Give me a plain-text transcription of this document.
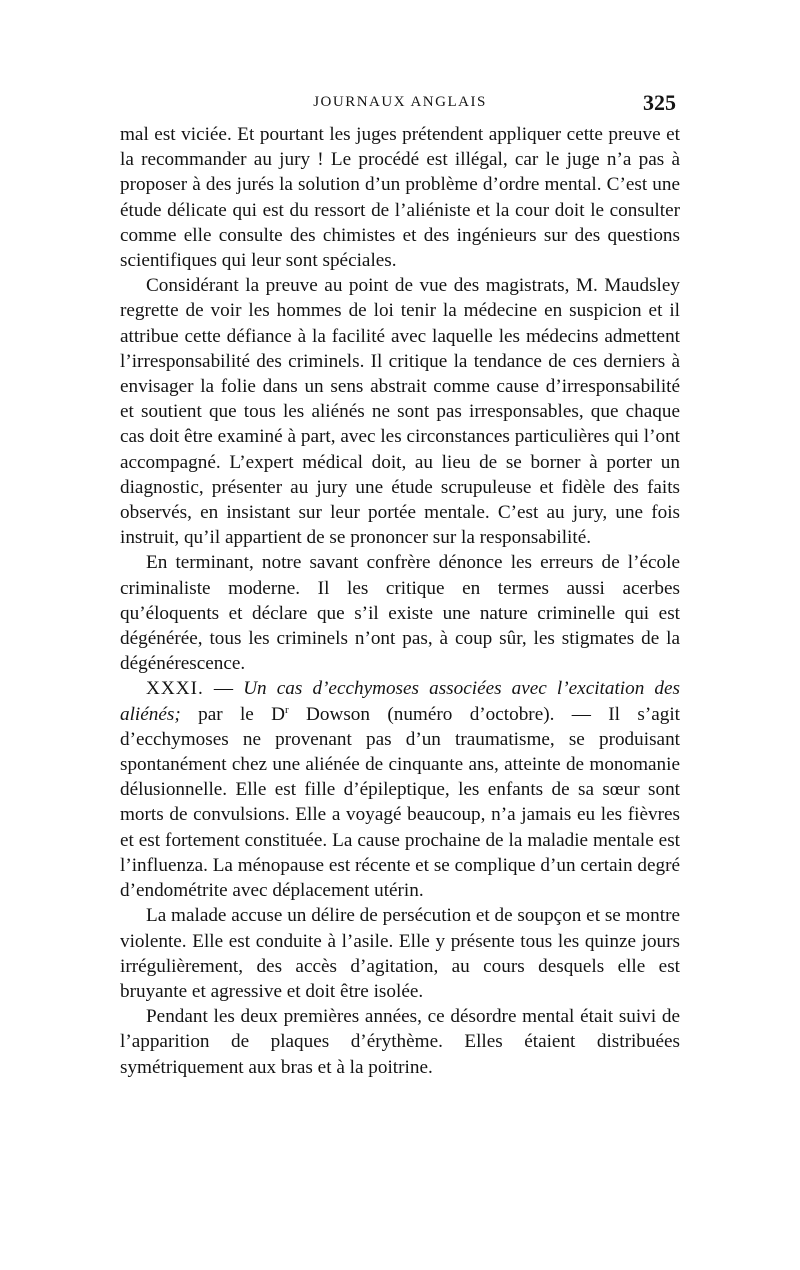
JOURNAUX ANGLAIS	325

mal est viciée. Et pourtant les juges prétendent appliquer cette preuve et la recommander au jury ! Le procédé est illégal, car le juge n’a pas à proposer à des jurés la solution d’un problème d’ordre mental. C’est une étude délicate qui est du ressort de l’aliéniste et la cour doit le consulter comme elle consulte des chimistes et des ingénieurs sur des questions scientifiques qui leur sont spéciales.

Considérant la preuve au point de vue des magistrats, M. Maudsley regrette de voir les hommes de loi tenir la médecine en suspicion et il attribue cette défiance à la facilité avec laquelle les médecins admettent l’irresponsabilité des criminels. Il critique la tendance de ces derniers à envisager la folie dans un sens abstrait comme cause d’irresponsabilité et soutient que tous les aliénés ne sont pas irresponsables, que chaque cas doit être examiné à part, avec les circonstances particulières qui l’ont accompagné. L’expert médical doit, au lieu de se borner à porter un diagnostic, présenter au jury une étude scrupuleuse et fidèle des faits observés, en insistant sur leur portée mentale. C’est au jury, une fois instruit, qu’il appartient de se prononcer sur la responsabilité.

En terminant, notre savant confrère dénonce les erreurs de l’école criminaliste moderne. Il les critique en termes aussi acerbes qu’éloquents et déclare que s’il existe une nature criminelle qui est dégénérée, tous les criminels n’ont pas, à coup sûr, les stigmates de la dégénérescence.

XXXI. — Un cas d’ecchymoses associées avec l’excitation des aliénés; par le $D^r$ Dowson (numéro d’octobre). — Il s’agit d’ecchymoses ne provenant pas d’un traumatisme, se produisant spontanément chez une aliénée de cinquante ans, atteinte de monomanie délusionnelle. Elle est fille d’épileptique, les enfants de sa sœur sont morts de convulsions. Elle a voyagé beaucoup, n’a jamais eu les fièvres et est fortement constituée. La cause prochaine de la maladie mentale est l’influenza. La ménopause est récente et se complique d’un certain degré d’endométrite avec déplacement utérin.

La malade accuse un délire de persécution et de soupçon et se montre violente. Elle est conduite à l’asile. Elle y présente tous les quinze jours irrégulièrement, des accès d’agitation, au cours desquels elle est bruyante et agressive et doit être isolée.

Pendant les deux premières années, ce désordre mental était suivi de l’apparition de plaques d’érythème. Elles étaient distribuées symétriquement aux bras et à la poitrine.
